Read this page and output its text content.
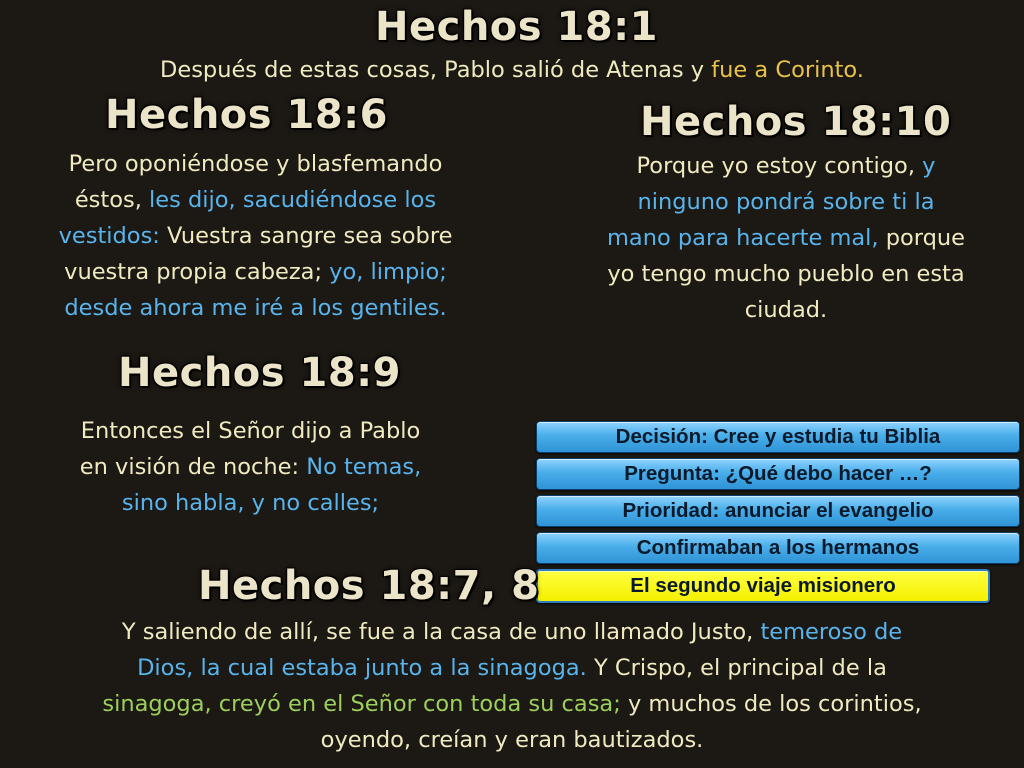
Hechos 18:1

Después de estas cosas, Pablo salió de Atenas y fue a Corinto.

Hechos 18:6

Pero oponiéndose y blasfemando
éstos, les dijo, sacudiéndose los
vestidos: Vuestra sangre sea sobre
vuestra propia cabeza; yo, limpio;
desde ahora me iré a los gentiles.

Hechos 18:10

Porque yo estoy contigo, y
ninguno pondrá sobre ti la
mano para hacerte mal, porque
yo tengo mucho pueblo en esta
ciudad.

Hechos 18:9

Entonces el Señor dijo a Pablo
en visión de noche: No temas,
sino habla, y no calles;

Decisión: Cree y estudia tu Biblia
Pregunta: ¿Qué debo hacer …?
Prioridad: anunciar el evangelio
Confirmaban a los hermanos
El segundo viaje misionero
Hechos 18:7, 8

Y saliendo de allí, se fue a la casa de uno llamado Justo, temeroso de
Dios, la cual estaba junto a la sinagoga. Y Crispo, el principal de la
sinagoga, creyó en el Señor con toda su casa; y muchos de los corintios,
oyendo, creían y eran bautizados.
